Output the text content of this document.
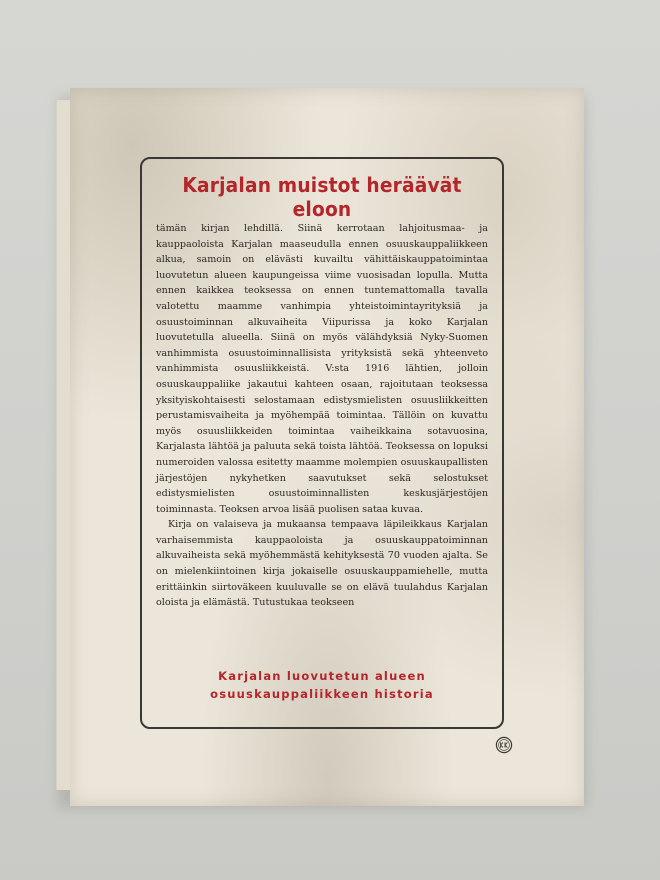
Karjalan muistot heräävät eloon

tämän kirjan lehdillä. Siinä kerrotaan lahjoitusmaa- ja kauppaoloista Karjalan maaseudulla ennen osuuskauppaliikkeen alkua, samoin on elävästi kuvailtu vähittäiskauppatoimintaa luovutetun alueen kaupungeissa viime vuosisadan lopulla. Mutta ennen kaikkea teoksessa on ennen tuntemattomalla tavalla valotettu maamme vanhimpia yhteistoimintayrityksiä ja osuustoiminnan alkuvaiheita Viipurissa ja koko Karjalan luovutetulla alueella. Siinä on myös välähdyksiä Nyky-Suomen vanhimmista osuustoiminnallisista yrityksistä sekä yhteenveto vanhimmista osuusliikkeistä. V:sta 1916 lähtien, jolloin osuuskauppaliike jakautui kahteen osaan, rajoitutaan teoksessa yksityiskohtaisesti selostamaan edistysmielisten osuusliikkeitten perustamisvaiheita ja myöhempää toimintaa. Tällöin on kuvattu myös osuusliikkeiden toimintaa vaiheikkaina sotavuosina, Karjalasta lähtöä ja paluuta sekä toista lähtöä. Teoksessa on lopuksi numeroiden valossa esitetty maamme molempien osuuskaupallisten järjestöjen nykyhetken saavutukset sekä selostukset edistysmielisten osuustoiminnallisten keskusjärjestöjen toiminnasta. Teoksen arvoa lisää puolisen sataa kuvaa.

Kirja on valaiseva ja mukaansa tempaava läpileikkaus Karjalan varhaisemmista kauppaoloista ja osuuskauppatoiminnan alkuvaiheista sekä myöhemmästä kehityksestä 70 vuoden ajalta. Se on mielenkiintoinen kirja jokaiselle osuuskauppamiehelle, mutta erittäinkin siirtoväkeen kuuluvalle se on elävä tuulahdus Karjalan oloista ja elämästä. Tutustukaa teokseen

Karjalan luovutetun alueen
osuuskauppaliikkeen historia
